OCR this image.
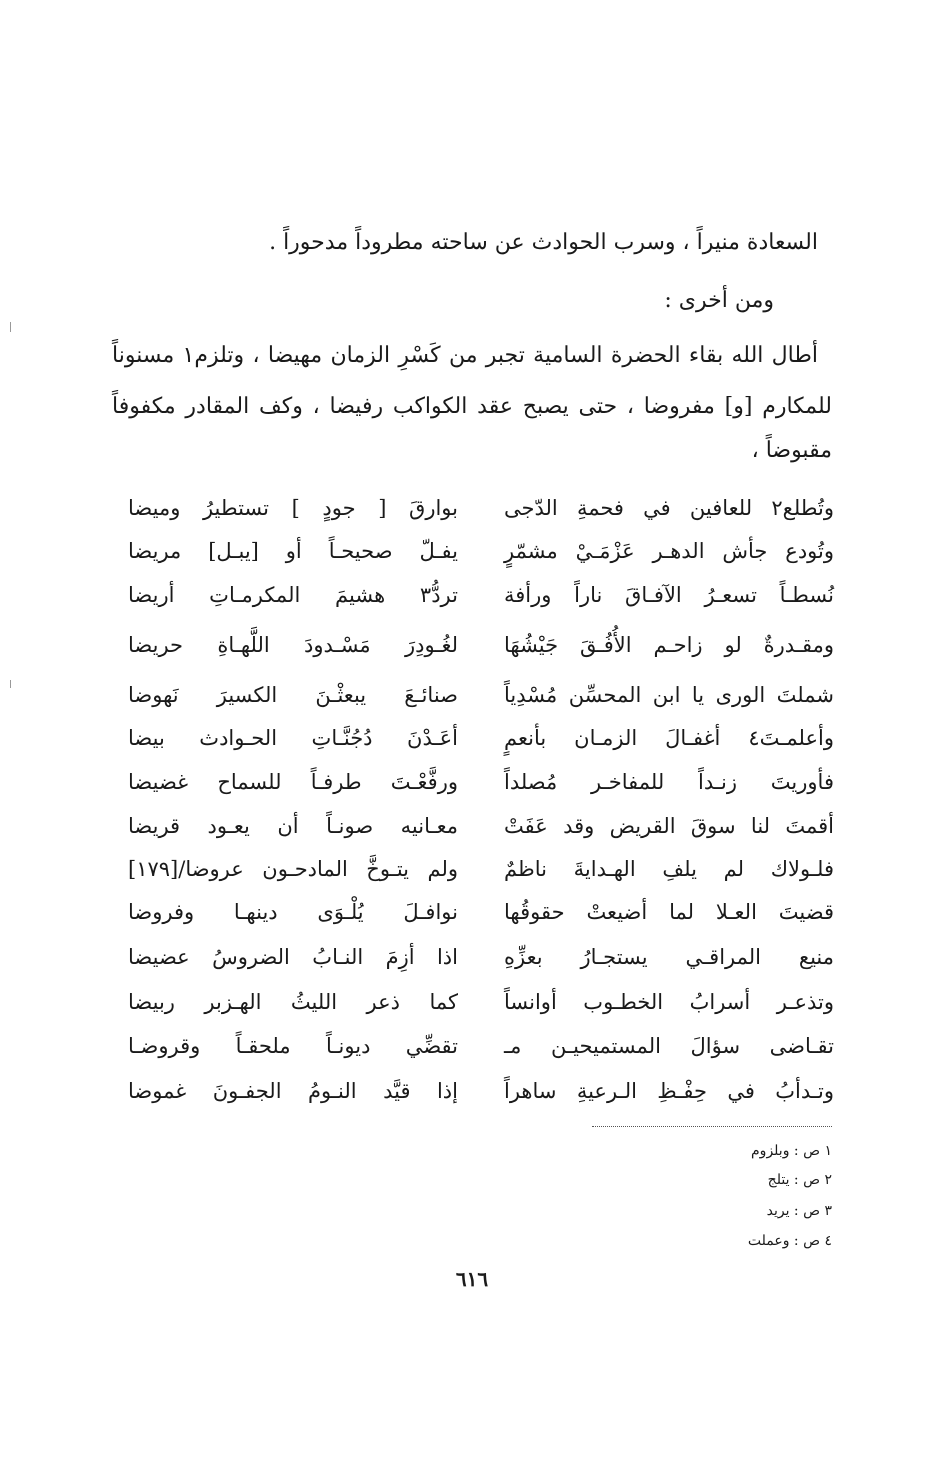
السعادة منيراً ، وسرب الحوادث عن ساحته مطروداً مدحوراً .
ومن أخرى :
أطال الله بقاء الحضرة السامية تجبر من كَسْرِ الزمان مهيضا ، وتلزم١ مسنوناً
للمكارم [و] مفروضا ، حتى يصبح عقد الكواكب رفيضا ، وكف المقادر مكفوفاً
مقبوضاً ،
وتُطلع٢ للعافين في فحمةِ الدّجى
بوارقَ [ جودٍ ] تستطيرُ وميضا
وتُودع جأش الدهـر عَزْمَـيْ مشمّرٍ
يفـلّ صحيحـاً أو [يبـل] مريضا
نُسطـاً تسعـرُ الآفـاقَ ناراً ورأفة
تردُّ٣ هشيمَ المكرمـاتِ أريضا
ومقـدرةٌ لو زاحـم الأُفُـقَ جَيْشُهَا
لغُـودِرَ مَسْـدودَ اللَّهـاةِ حريضا
شملتَ الورى يا ابن المحسِّن مُسْدِياً
صنائـعَ يبعثْـنَ الكسيرَ نَهوضا
وأعلمـتَ٤ أغفـالَ الزمـان بأنعمٍ
أعَـدْنَ دُجُنَّـاتِ الحـوادث بيضا
فأوريتَ زنـداً للمفاخـر مُصلداً
ورفَّعْـتَ طرفـاً للسماح غضيضا
أقمتَ لنا سوقَ القريض وقد عَفَتْ
معـانيه صونـاً أن يعـود قريضا
فلـولاك لم يلفِ الهـدايةَ ناظمٌ
ولم يتـوخَّ المادحـون عروضا/[١٧٩]
قضيتَ العـلا لما أضيعتْ حقوقُها
نوافـلَ يُلْـوَى دينهـا وفروضا
منيع المراقـي يستجـارُ بعزِّهِ
اذا أزِمَ النـابُ الضروسُ عضيضا
وتذعـر أسرابُ الخطـوب أوانساً
كما ذعر الليثُ الهـزبر ربيضا
تقـاضى سؤالَ المستميحيـن مـ
تقضِّي ديونـاً ملحقـاً وقروضـا
وتـدأبُ في حِفْـظِ الـرعيةِ ساهراً
إذا قيَّد النـومُ الجفـونَ غموضا
١ ص : وبلزوم
٢ ص : يتلج
٣ ص : يريد
٤ ص : وعملت
٦١٦
